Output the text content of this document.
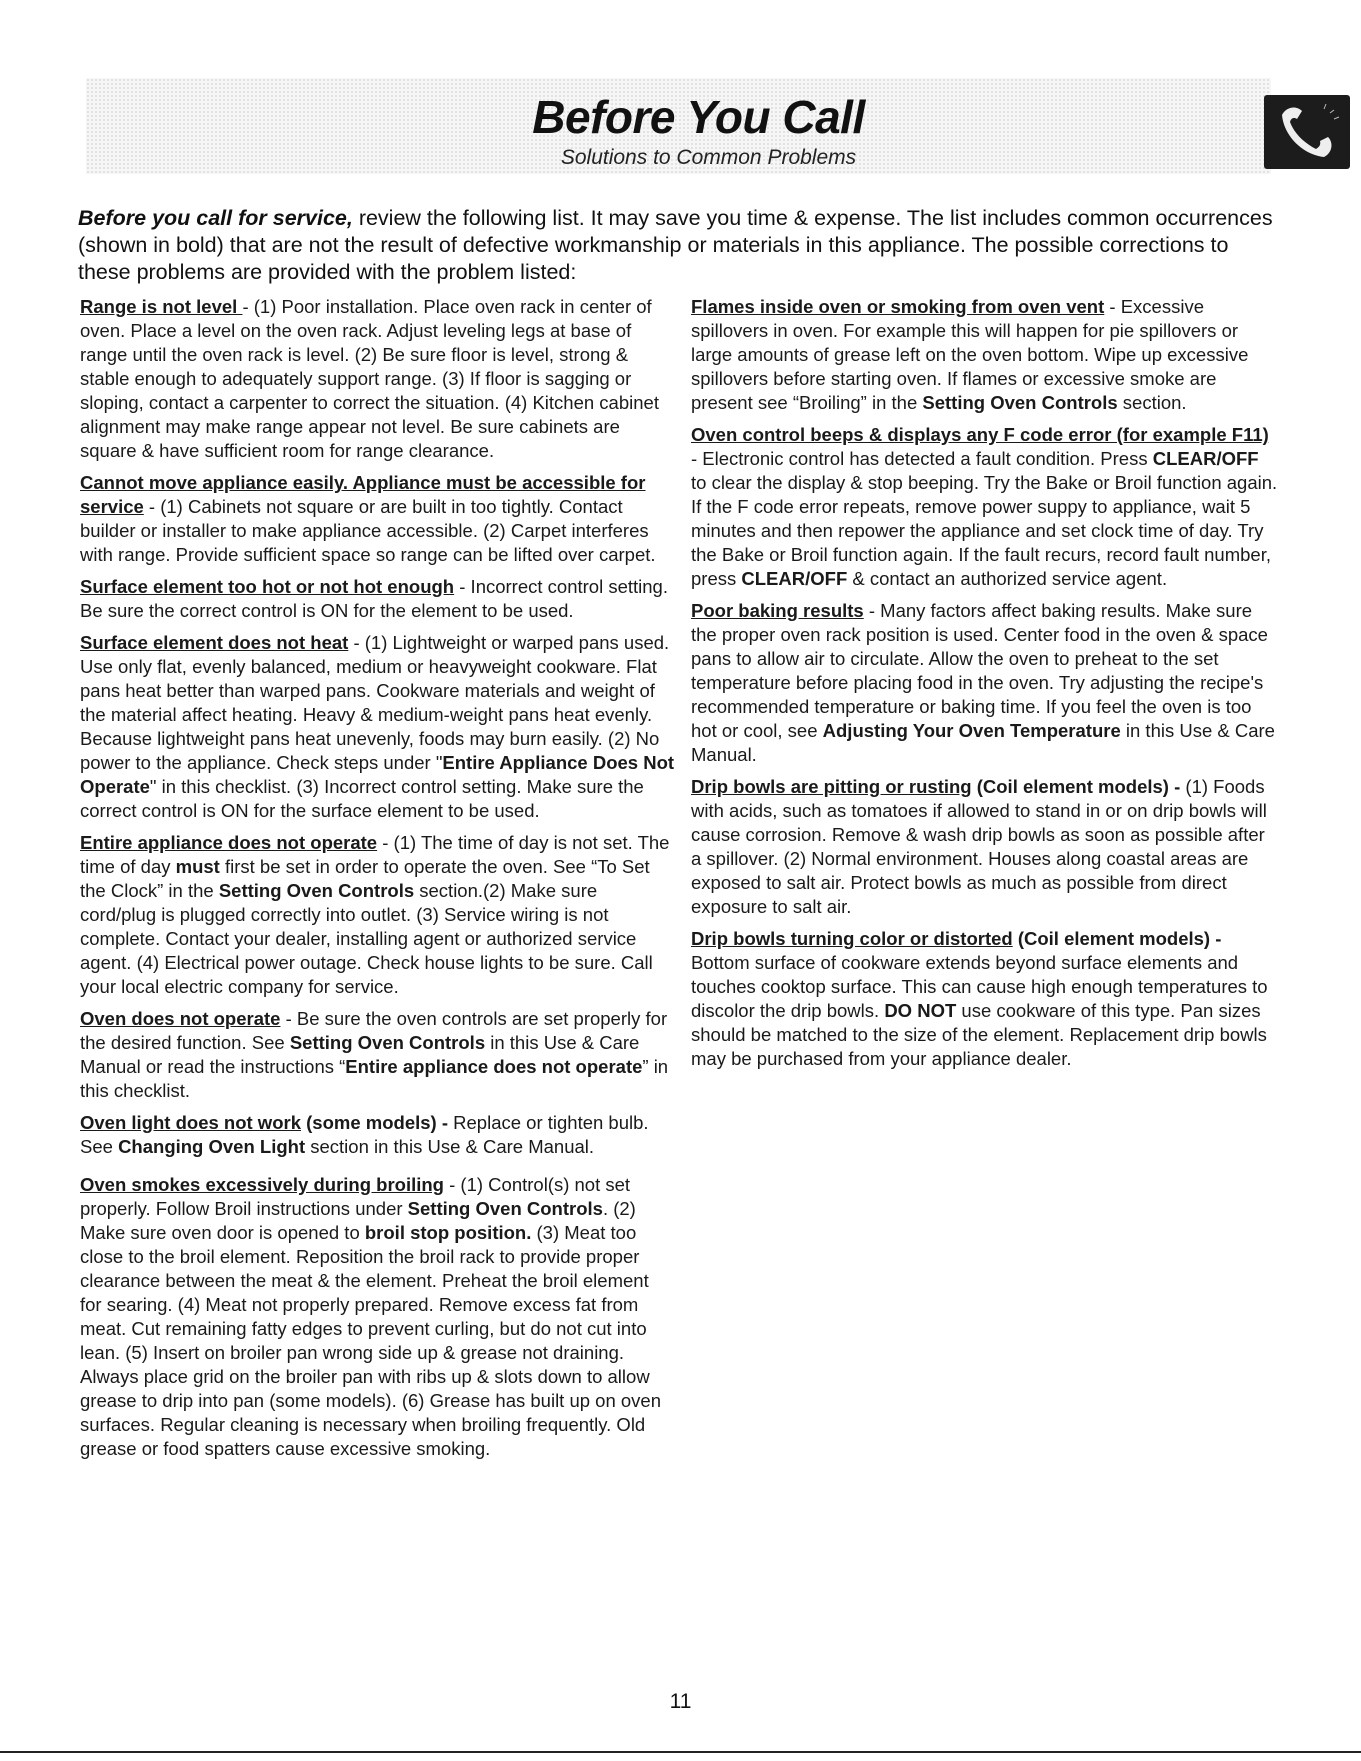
Before You Call
Solutions to Common Problems
Before you call for service, review the following list. It may save you time & expense. The list includes common occurrences (shown in bold) that are not the result of defective workmanship or materials in this appliance. The possible corrections to these problems are provided with the problem listed:

Range is not level - (1) Poor installation. Place oven rack in center of oven. Place a level on the oven rack. Adjust leveling legs at base of range until the oven rack is level. (2) Be sure floor is level, strong & stable enough to adequately support range. (3) If floor is sagging or sloping, contact a carpenter to correct the situation. (4) Kitchen cabinet alignment may make range appear not level. Be sure cabinets are square & have sufficient room for range clearance.

Cannot move appliance easily. Appliance must be accessible for service - (1) Cabinets not square or are built in too tightly. Contact builder or installer to make appliance accessible. (2) Carpet interferes with range. Provide sufficient space so range can be lifted over carpet.

Surface element too hot or not hot enough - Incorrect control setting. Be sure the correct control is ON for the element to be used.

Surface element does not heat - (1) Lightweight or warped pans used. Use only flat, evenly balanced, medium or heavyweight cookware. Flat pans heat better than warped pans. Cookware materials and weight of the material affect heating. Heavy & medium-weight pans heat evenly. Because lightweight pans heat unevenly, foods may burn easily. (2) No power to the appliance. Check steps under "Entire Appliance Does Not Operate" in this checklist. (3) Incorrect control setting. Make sure the correct control is ON for the surface element to be used.

Entire appliance does not operate - (1) The time of day is not set. The time of day must first be set in order to operate the oven. See “To Set the Clock” in the Setting Oven Controls section.(2) Make sure cord/plug is plugged correctly into outlet. (3) Service wiring is not complete. Contact your dealer, installing agent or authorized service agent. (4) Electrical power outage. Check house lights to be sure. Call your local electric company for service.

Oven does not operate - Be sure the oven controls are set properly for the desired function. See Setting Oven Controls in this Use & Care Manual or read the instructions “Entire appliance does not operate” in this checklist.

Oven light does not work (some models) - Replace or tighten bulb. See Changing Oven Light section in this Use & Care Manual.

Oven smokes excessively during broiling - (1) Control(s) not set properly. Follow Broil instructions under Setting Oven Controls. (2) Make sure oven door is opened to broil stop position. (3) Meat too close to the broil element. Reposition the broil rack to provide proper clearance between the meat & the element. Preheat the broil element for searing. (4) Meat not properly prepared. Remove excess fat from meat. Cut remaining fatty edges to prevent curling, but do not cut into lean. (5) Insert on broiler pan wrong side up & grease not draining. Always place grid on the broiler pan with ribs up & slots down to allow grease to drip into pan (some models). (6) Grease has built up on oven surfaces. Regular cleaning is necessary when broiling frequently. Old grease or food spatters cause excessive smoking.

Flames inside oven or smoking from oven vent - Excessive spillovers in oven. For example this will happen for pie spillovers or large amounts of grease left on the oven bottom. Wipe up excessive spillovers before starting oven. If flames or excessive smoke are present see “Broiling” in the Setting Oven Controls section.

Oven control beeps & displays any F code error (for example F11) - Electronic control has detected a fault condition. Press CLEAR/OFF to clear the display & stop beeping. Try the Bake or Broil function again. If the F code error repeats, remove power suppy to appliance, wait 5 minutes and then repower the appliance and set clock time of day. Try the Bake or Broil function again. If the fault recurs, record fault number, press CLEAR/OFF & contact an authorized service agent.

Poor baking results - Many factors affect baking results. Make sure the proper oven rack position is used. Center food in the oven & space pans to allow air to circulate. Allow the oven to preheat to the set temperature before placing food in the oven. Try adjusting the recipe's recommended temperature or baking time. If you feel the oven is too hot or cool, see Adjusting Your Oven Temperature in this Use & Care Manual.

Drip bowls are pitting or rusting (Coil element models) - (1) Foods with acids, such as tomatoes if allowed to stand in or on drip bowls will cause corrosion. Remove & wash drip bowls as soon as possible after a spillover. (2) Normal environment. Houses along coastal areas are exposed to salt air. Protect bowls as much as possible from direct exposure to salt air.

Drip bowls turning color or distorted (Coil element models) - Bottom surface of cookware extends beyond surface elements and touches cooktop surface. This can cause high enough temperatures to discolor the drip bowls. DO NOT use cookware of this type. Pan sizes should be matched to the size of the element. Replacement drip bowls may be purchased from your appliance dealer.

11
